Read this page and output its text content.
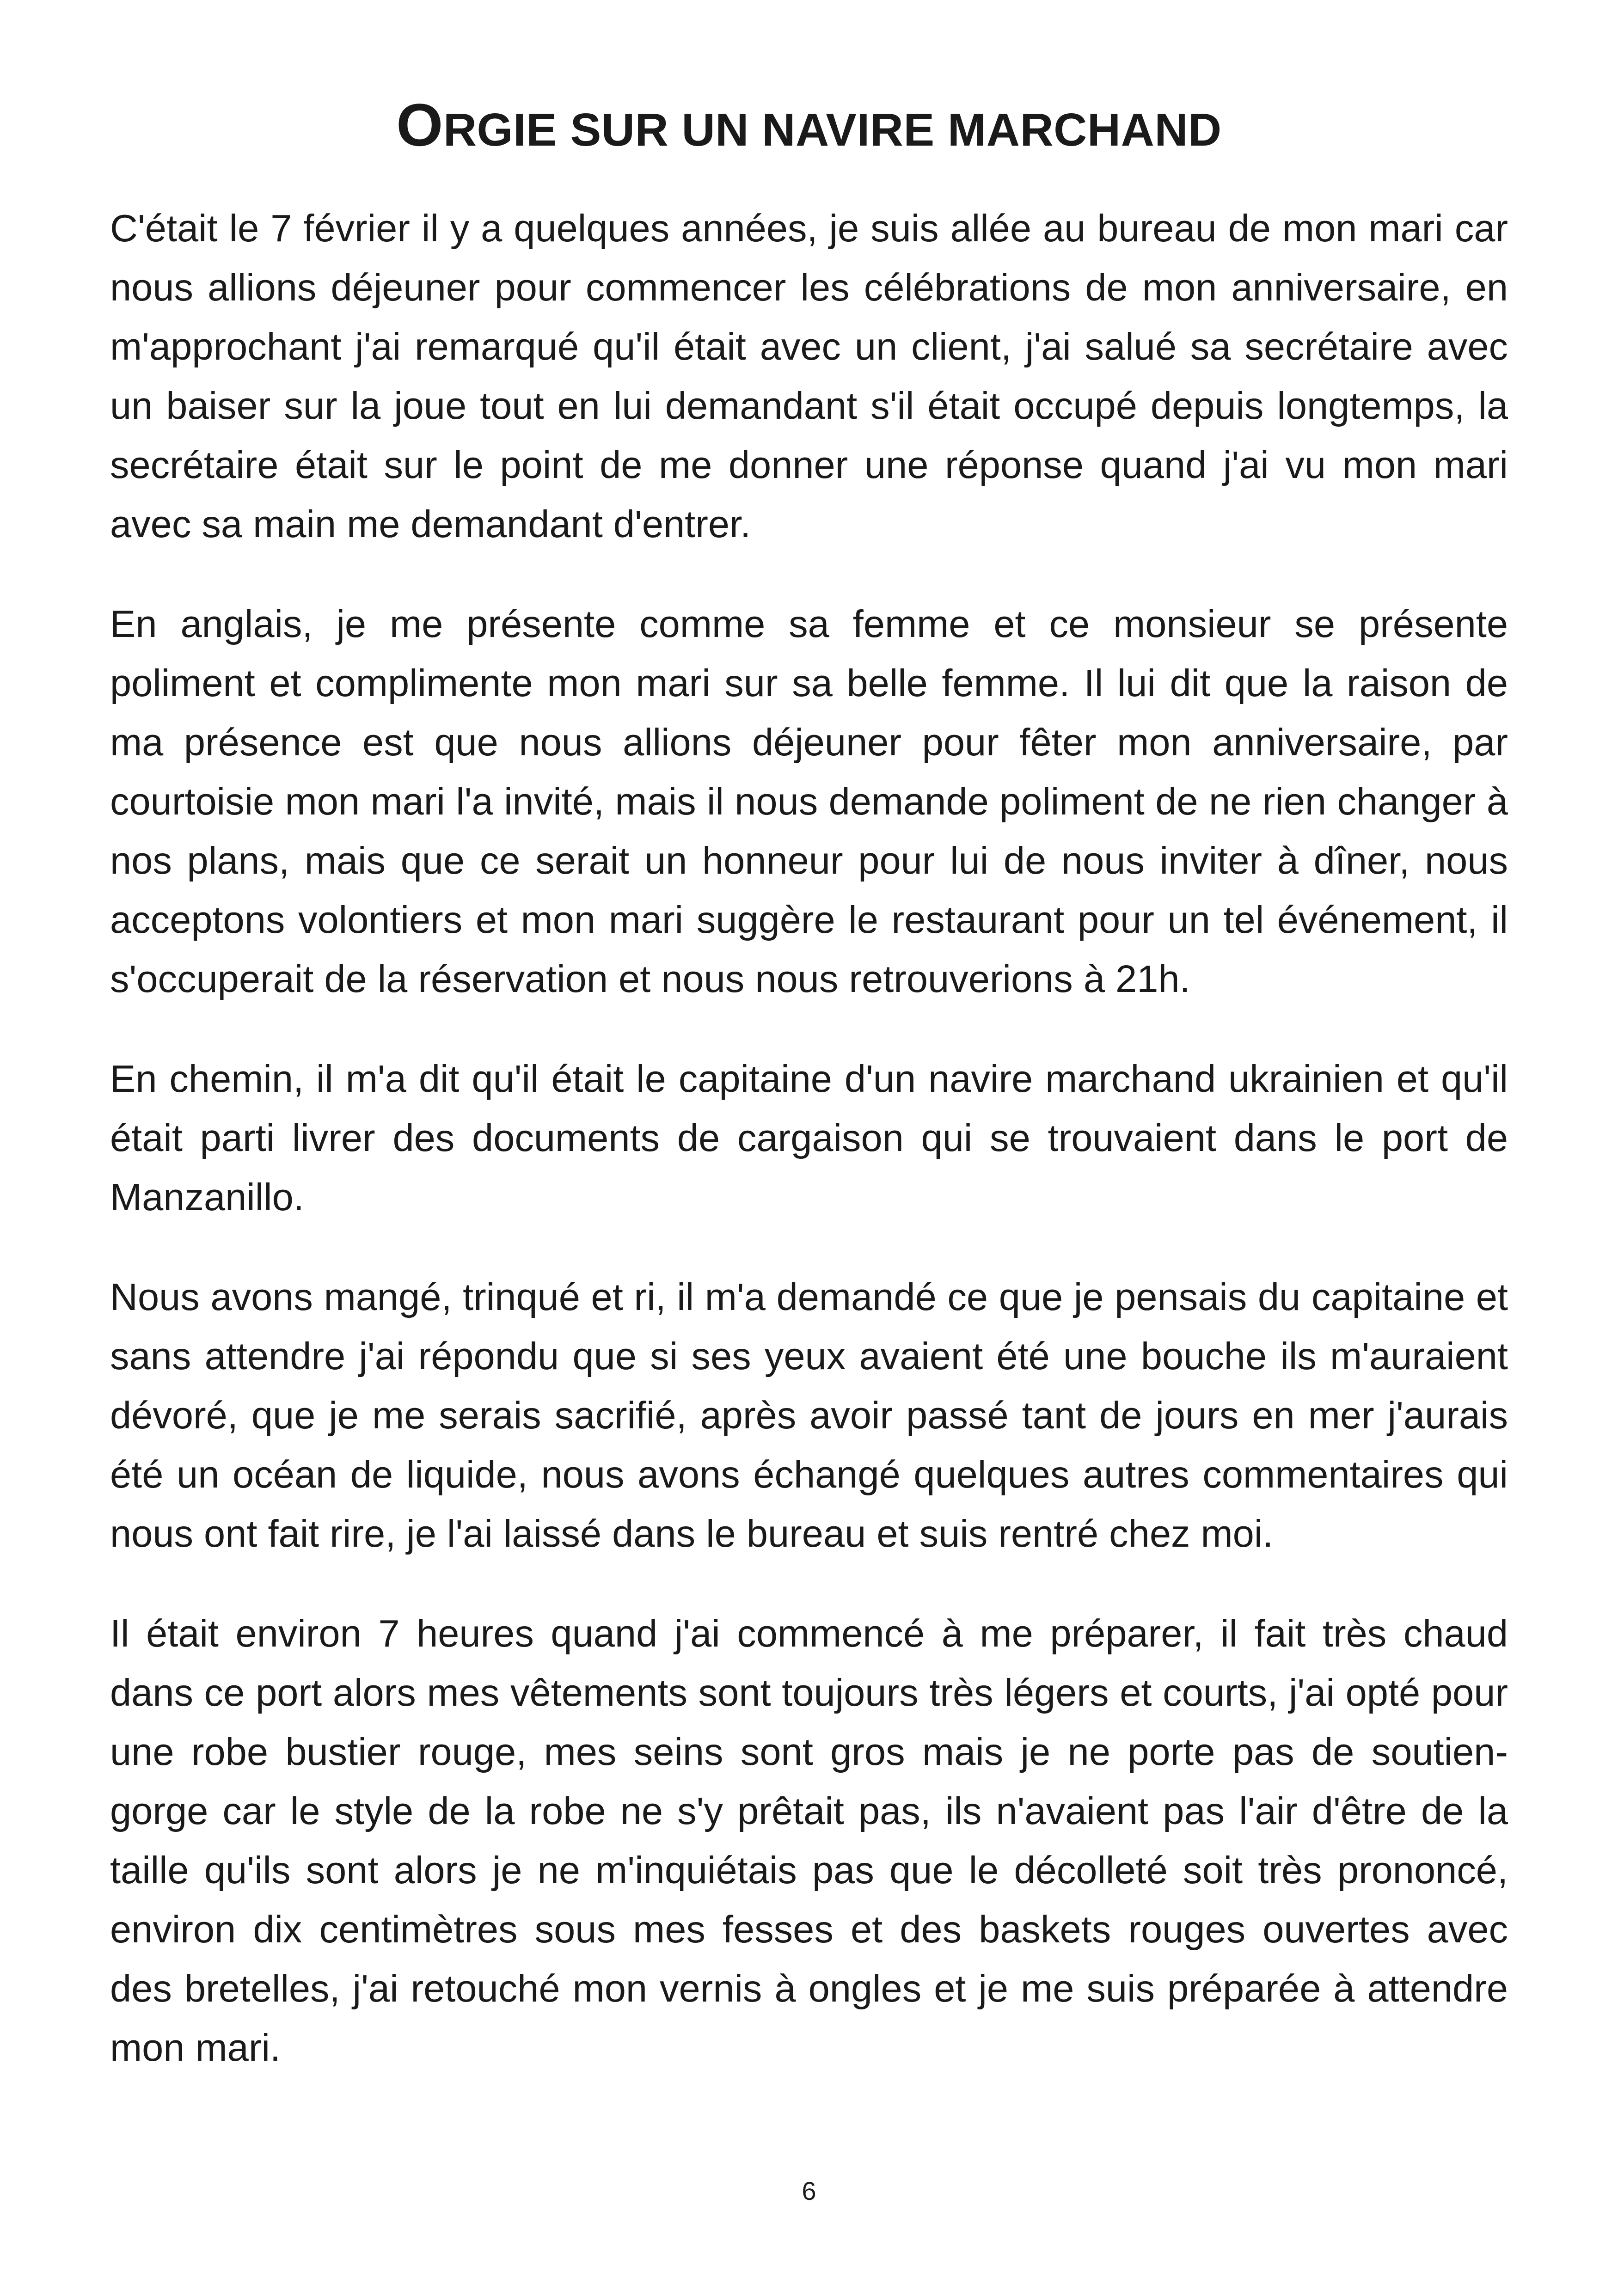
ORGIE SUR UN NAVIRE MARCHAND

C'était le 7 février il y a quelques années, je suis allée au bureau de mon mari car nous allions déjeuner pour commencer les célébrations de mon anniversaire, en m'approchant j'ai remarqué qu'il était avec un client, j'ai salué sa secrétaire avec un baiser sur la joue tout en lui demandant s'il était occupé depuis longtemps, la secrétaire était sur le point de me donner une réponse quand j'ai vu mon mari avec sa main me demandant d'entrer.

En anglais, je me présente comme sa femme et ce monsieur se présente poliment et complimente mon mari sur sa belle femme. Il lui dit que la raison de ma présence est que nous allions déjeuner pour fêter mon anniversaire, par courtoisie mon mari l'a invité, mais il nous demande poliment de ne rien changer à nos plans, mais que ce serait un honneur pour lui de nous inviter à dîner, nous acceptons volontiers et mon mari suggère le restaurant pour un tel événement, il s'occuperait de la réservation et nous nous retrouverions à 21h.

En chemin, il m'a dit qu'il était le capitaine d'un navire marchand ukrainien et qu'il était parti livrer des documents de cargaison qui se trouvaient dans le port de Manzanillo.

Nous avons mangé, trinqué et ri, il m'a demandé ce que je pensais du capitaine et sans attendre j'ai répondu que si ses yeux avaient été une bouche ils m'auraient dévoré, que je me serais sacrifié, après avoir passé tant de jours en mer j'aurais été un océan de liquide, nous avons échangé quelques autres commentaires qui nous ont fait rire, je l'ai laissé dans le bureau et suis rentré chez moi.

Il était environ 7 heures quand j'ai commencé à me préparer, il fait très chaud dans ce port alors mes vêtements sont toujours très légers et courts, j'ai opté pour une robe bustier rouge, mes seins sont gros mais je ne porte pas de soutien-gorge car le style de la robe ne s'y prêtait pas, ils n'avaient pas l'air d'être de la taille qu'ils sont alors je ne m'inquiétais pas que le décolleté soit très prononcé, environ dix centimètres sous mes fesses et des baskets rouges ouvertes avec des bretelles, j'ai retouché mon vernis à ongles et je me suis préparée à attendre mon mari.

6
